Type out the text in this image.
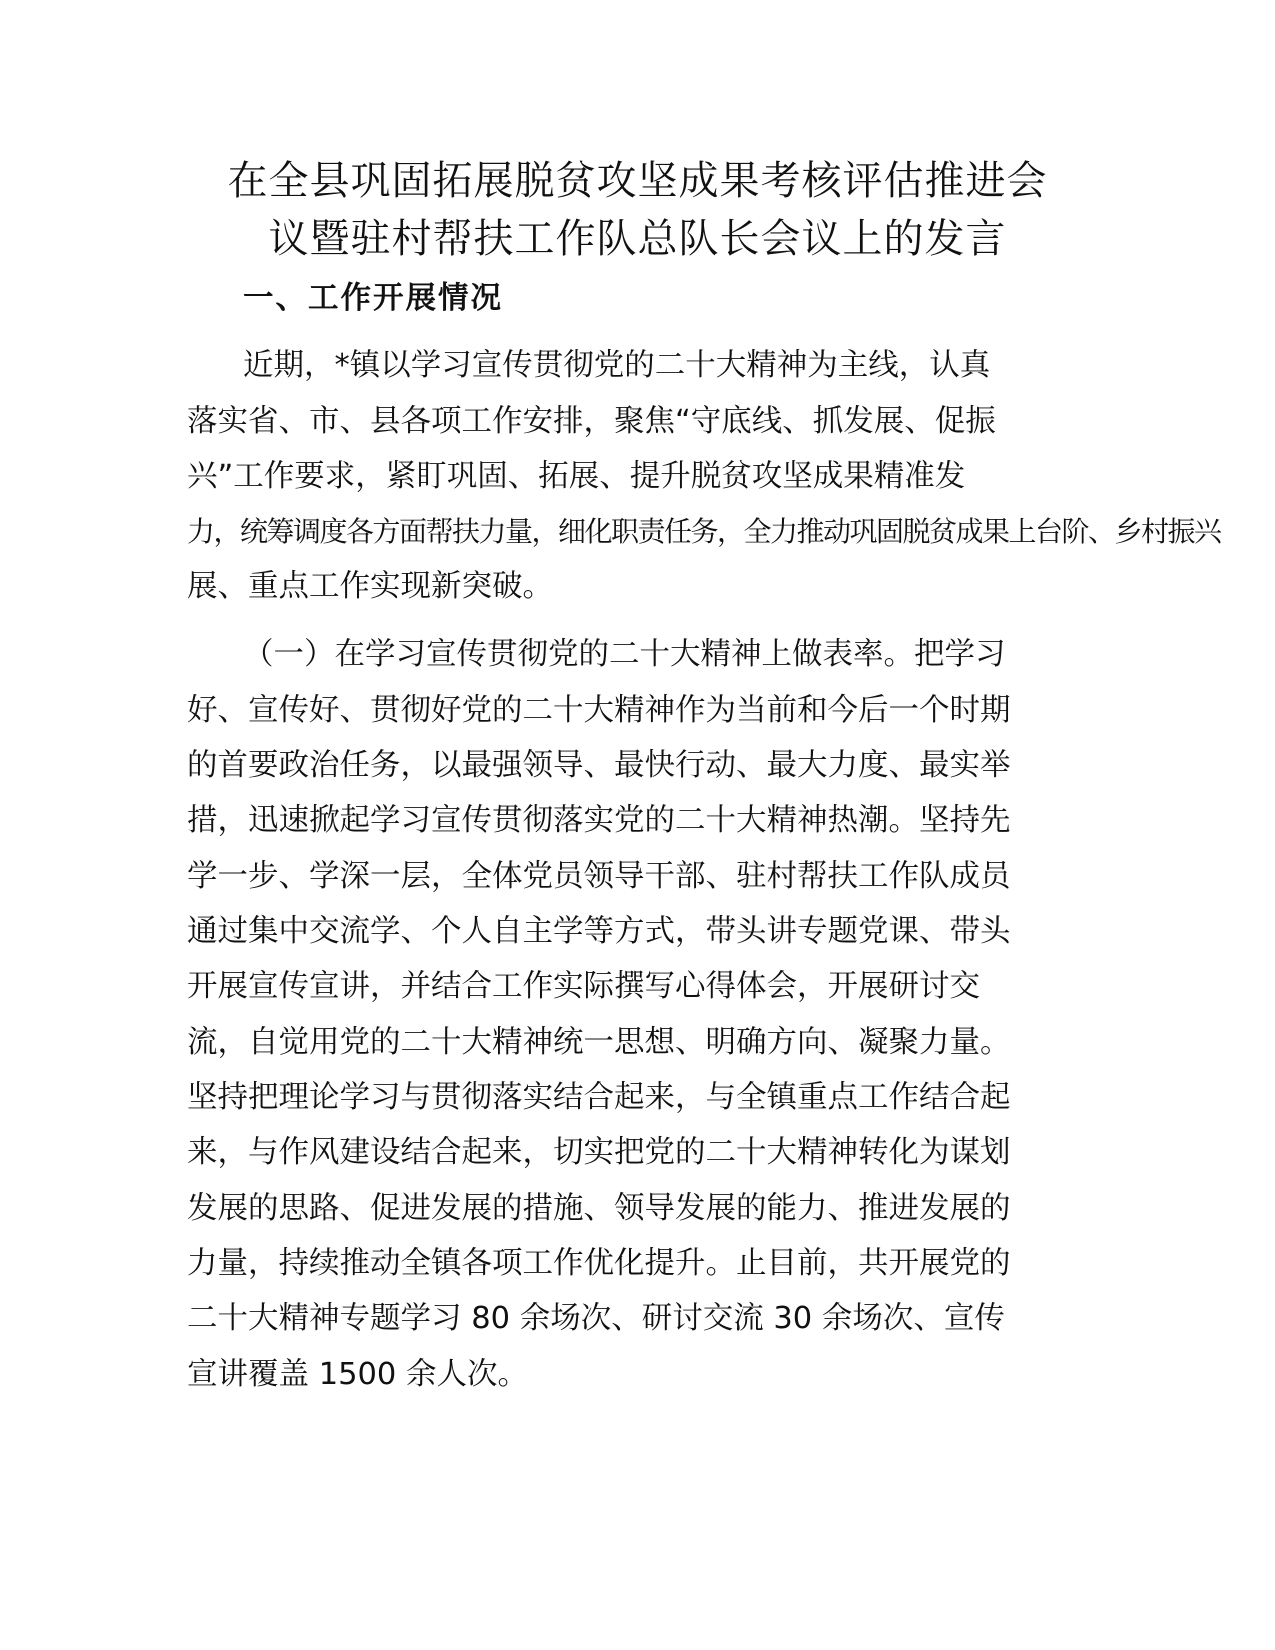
在全县巩固拓展脱贫攻坚成果考核评估推进会
议暨驻村帮扶工作队总队长会议上的发言
一、工作开展情况
近期，*镇以学习宣传贯彻党的二十大精神为主线，认真
落实省、市、县各项工作安排，聚焦“守底线、抓发展、促振
兴”工作要求，紧盯巩固、拓展、提升脱贫攻坚成果精准发
力，统筹调度各方面帮扶力量，细化职责任务，全力推动巩固脱贫成果上台阶、乡村振兴
展、重点工作实现新突破。
（一）在学习宣传贯彻党的二十大精神上做表率。把学习
好、宣传好、贯彻好党的二十大精神作为当前和今后一个时期
的首要政治任务，以最强领导、最快行动、最大力度、最实举
措，迅速掀起学习宣传贯彻落实党的二十大精神热潮。坚持先
学一步、学深一层，全体党员领导干部、驻村帮扶工作队成员
通过集中交流学、个人自主学等方式，带头讲专题党课、带头
开展宣传宣讲，并结合工作实际撰写心得体会，开展研讨交
流，自觉用党的二十大精神统一思想、明确方向、凝聚力量。
坚持把理论学习与贯彻落实结合起来，与全镇重点工作结合起
来，与作风建设结合起来，切实把党的二十大精神转化为谋划
发展的思路、促进发展的措施、领导发展的能力、推进发展的
力量，持续推动全镇各项工作优化提升。止目前，共开展党的
二十大精神专题学习 80 余场次、研讨交流 30 余场次、宣传
宣讲覆盖 1500 余人次。
